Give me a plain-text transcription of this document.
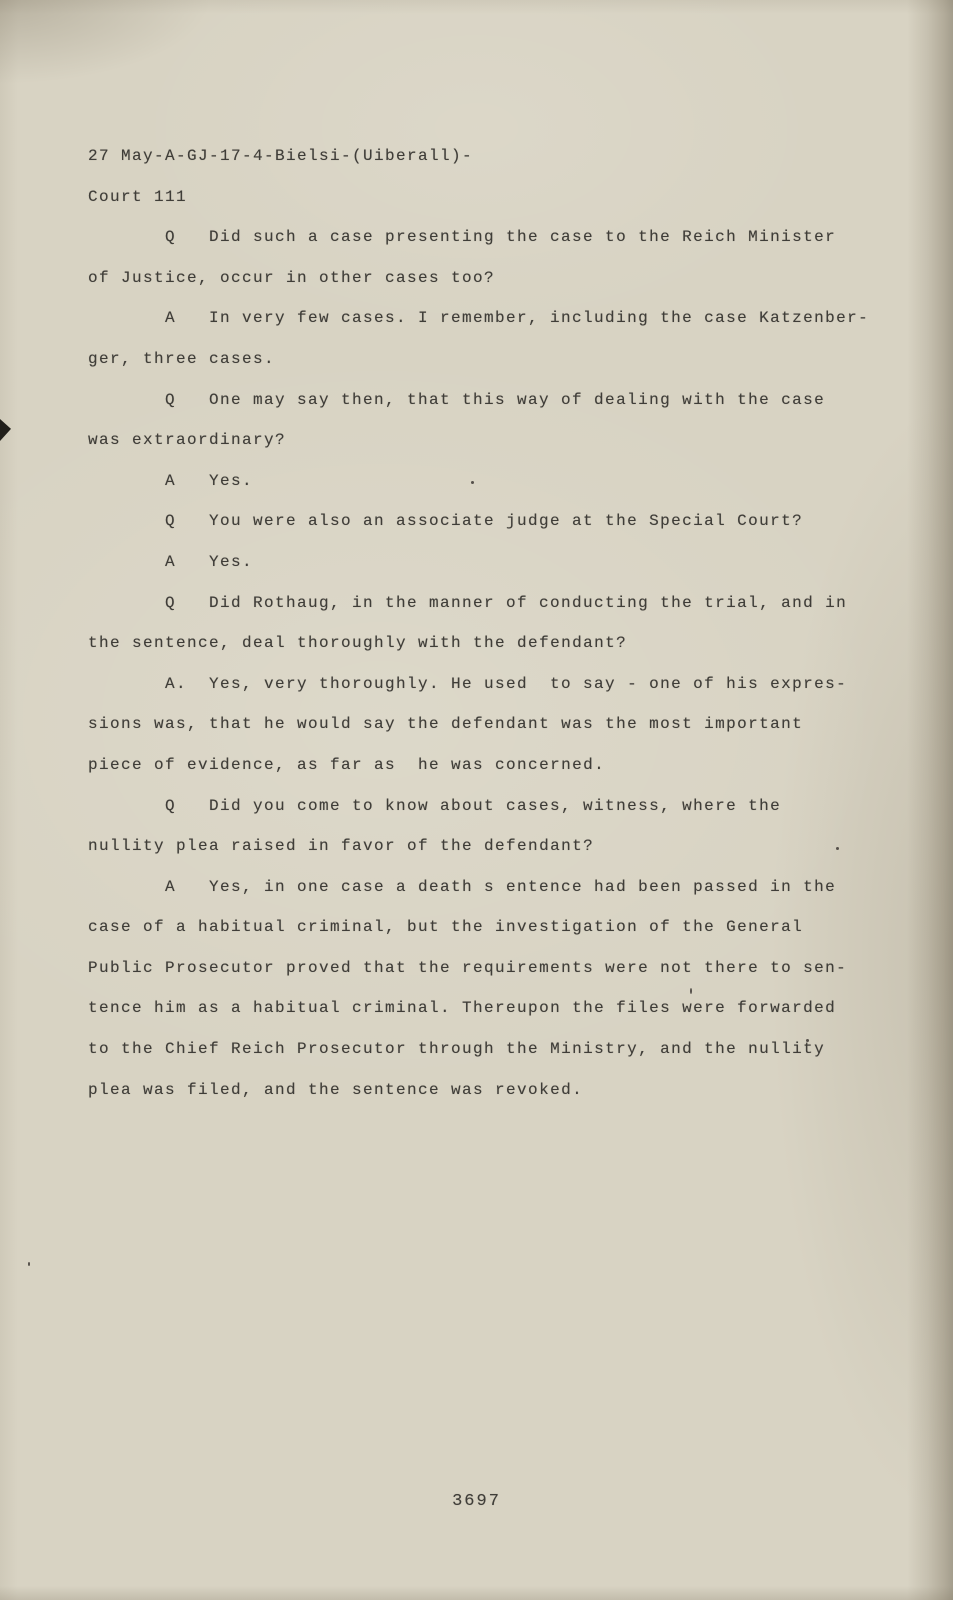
27 May-A-GJ-17-4-Bielsi-(Uiberall)-
Court 111
Q   Did such a case presenting the case to the Reich Minister
of Justice, occur in other cases too?
A   In very few cases. I remember, including the case Katzenber-
ger, three cases.
Q   One may say then, that this way of dealing with the case
was extraordinary?
A   Yes.
Q   You were also an associate judge at the Special Court?
A   Yes.
Q   Did Rothaug, in the manner of conducting the trial, and in
the sentence, deal thoroughly with the defendant?
A.  Yes, very thoroughly. He used  to say - one of his expres-
sions was, that he would say the defendant was the most important
piece of evidence, as far as  he was concerned.
Q   Did you come to know about cases, witness, where the
nullity plea raised in favor of the defendant?
A   Yes, in one case a death s entence had been passed in the
case of a habitual criminal, but the investigation of the General
Public Prosecutor proved that the requirements were not there to sen-
tence him as a habitual criminal. Thereupon the files were forwarded
to the Chief Reich Prosecutor through the Ministry, and the nullity
plea was filed, and the sentence was revoked.
3697
